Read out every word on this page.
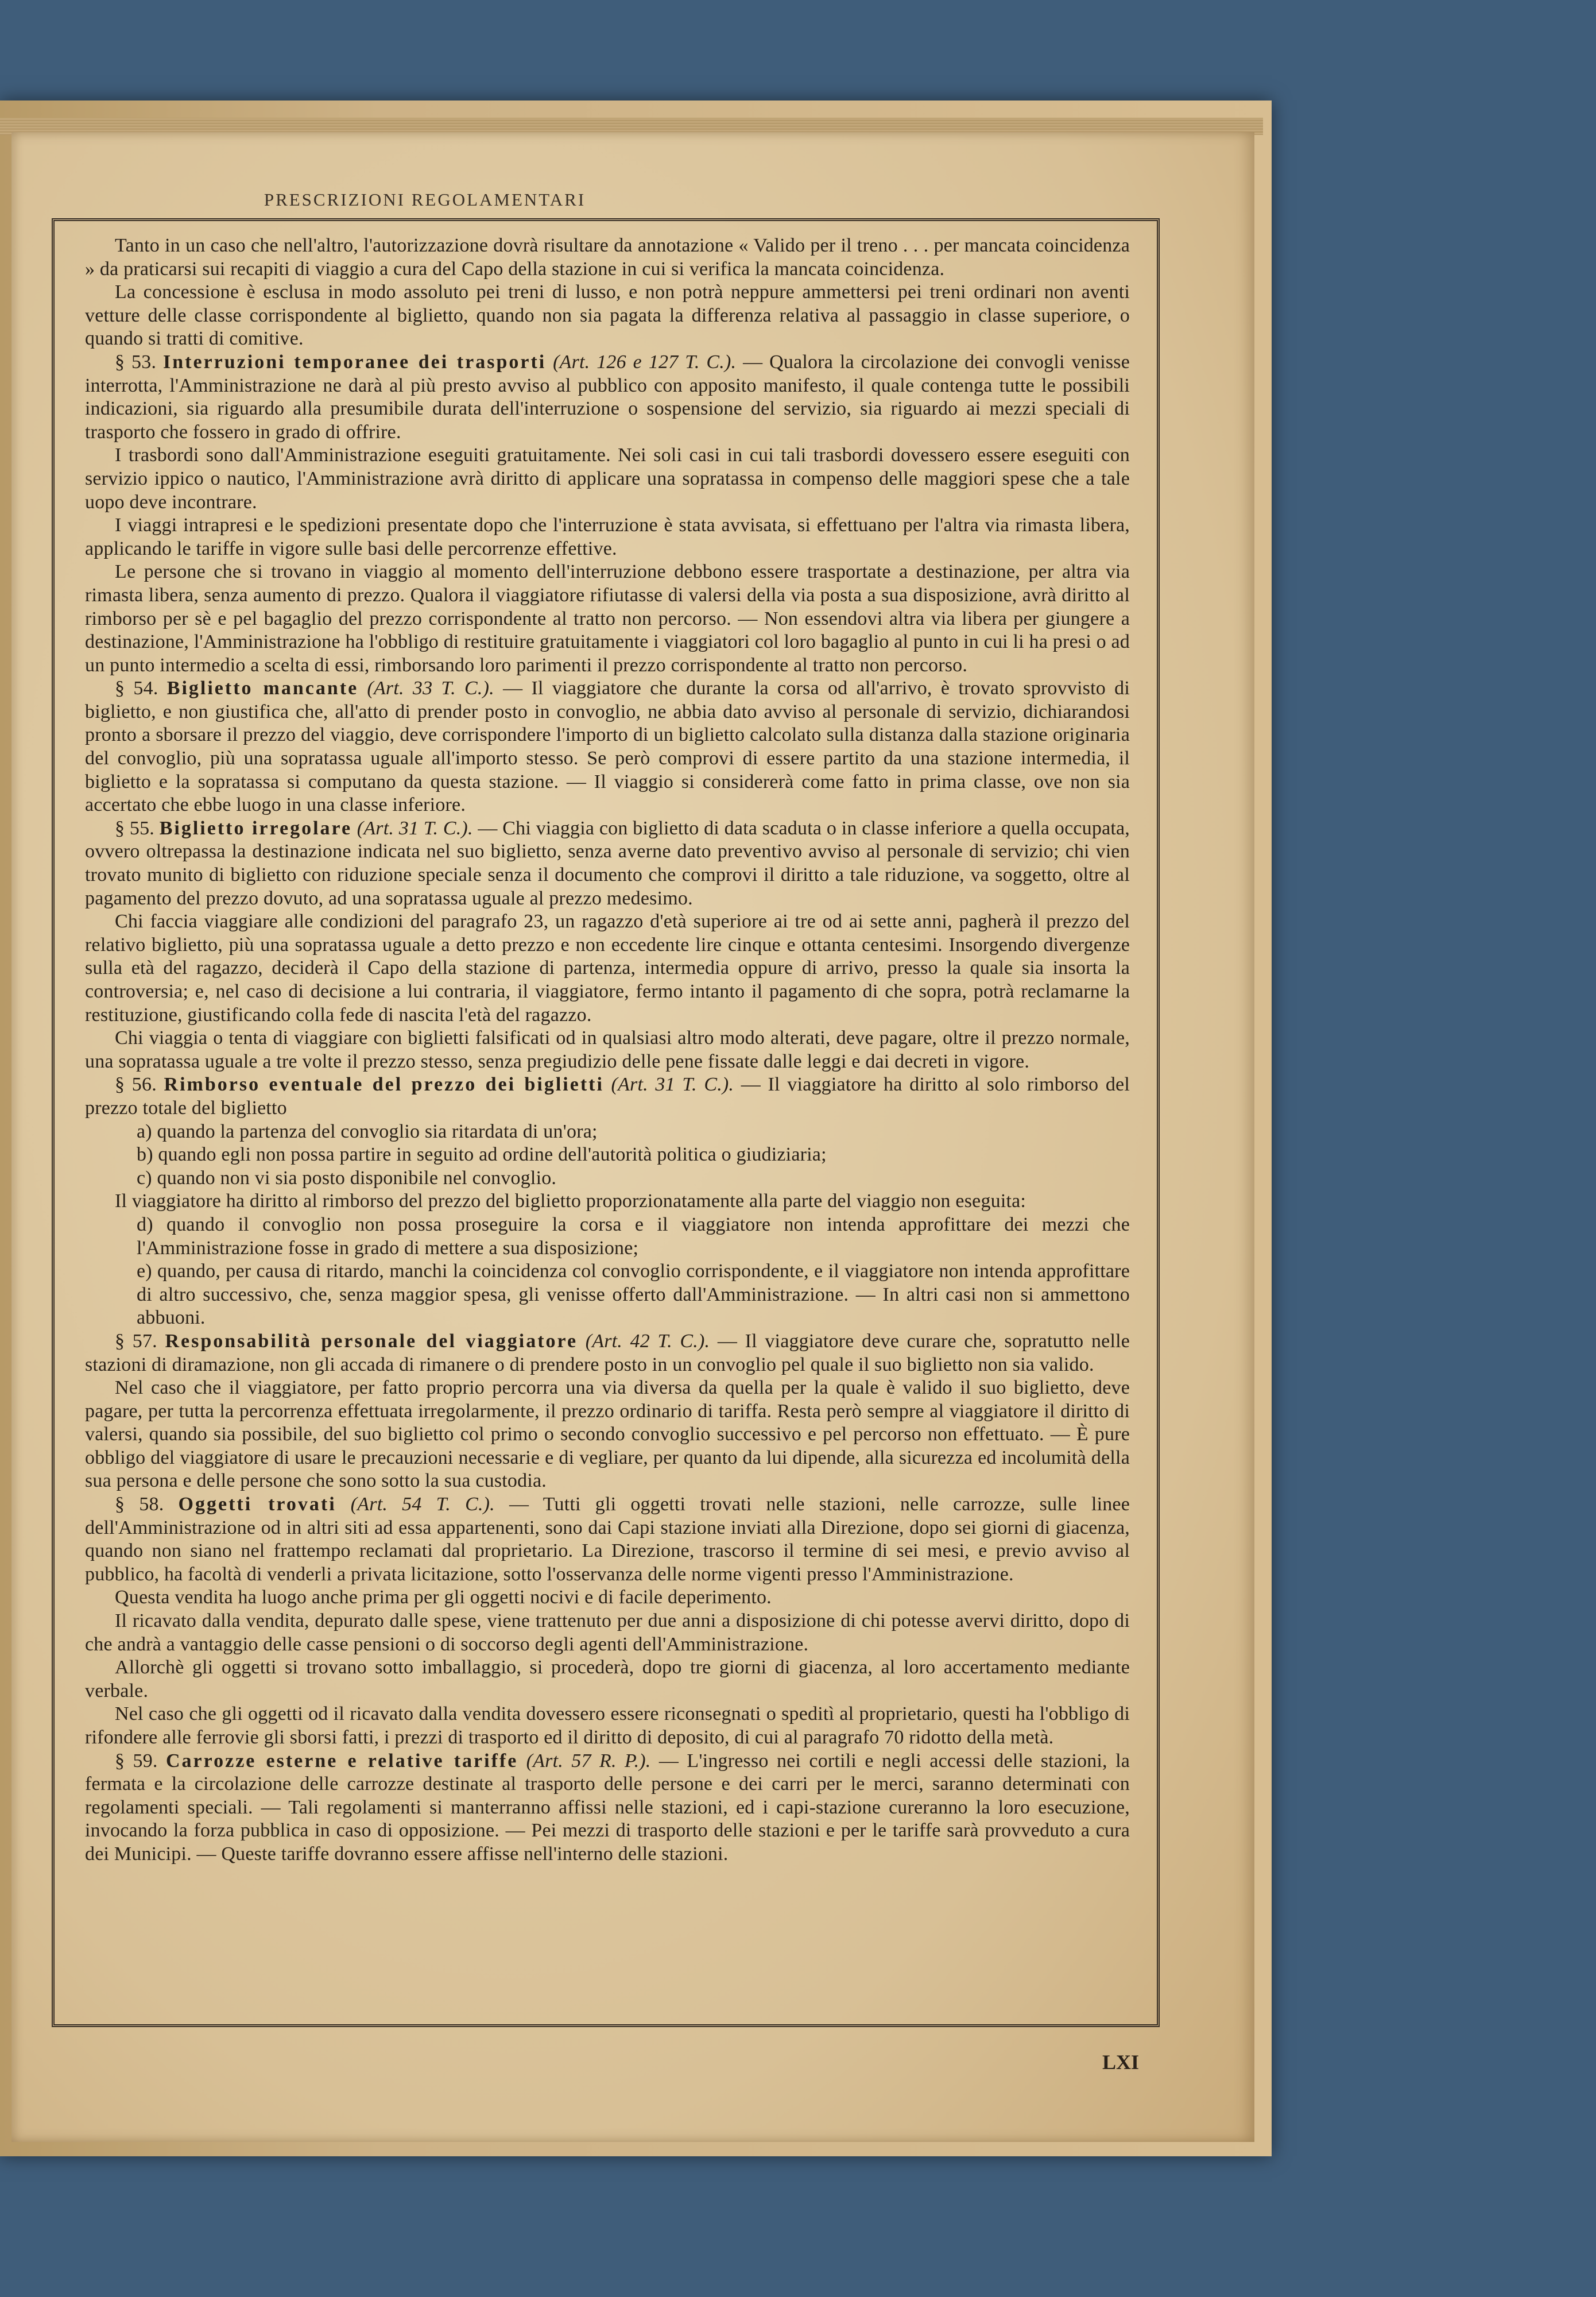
PRESCRIZIONI REGOLAMENTARI

Tanto in un caso che nell'altro, l'autorizzazione dovrà risultare da annotazione « Valido per il treno . . . per mancata coincidenza » da praticarsi sui recapiti di viaggio a cura del Capo della stazione in cui si verifica la mancata coincidenza.

La concessione è esclusa in modo assoluto pei treni di lusso, e non potrà neppure ammettersi pei treni ordinari non aventi vetture delle classe corrispondente al biglietto, quando non sia pagata la differenza relativa al passaggio in classe superiore, o quando si tratti di comitive.

§ 53. Interruzioni temporanee dei trasporti (Art. 126 e 127 T. C.). — Qualora la circolazione dei convogli venisse interrotta, l'Amministrazione ne darà al più presto avviso al pubblico con apposito manifesto, il quale contenga tutte le possibili indicazioni, sia riguardo alla presumibile durata dell'interruzione o sospensione del servizio, sia riguardo ai mezzi speciali di trasporto che fossero in grado di offrire.

I trasbordi sono dall'Amministrazione eseguiti gratuitamente. Nei soli casi in cui tali trasbordi dovessero essere eseguiti con servizio ippico o nautico, l'Amministrazione avrà diritto di applicare una sopratassa in compenso delle maggiori spese che a tale uopo deve incontrare.

I viaggi intrapresi e le spedizioni presentate dopo che l'interruzione è stata avvisata, si effettuano per l'altra via rimasta libera, applicando le tariffe in vigore sulle basi delle percorrenze effettive.

Le persone che si trovano in viaggio al momento dell'interruzione debbono essere trasportate a destinazione, per altra via rimasta libera, senza aumento di prezzo. Qualora il viaggiatore rifiutasse di valersi della via posta a sua disposizione, avrà diritto al rimborso per sè e pel bagaglio del prezzo corrispondente al tratto non percorso. — Non essendovi altra via libera per giungere a destinazione, l'Amministrazione ha l'obbligo di restituire gratuitamente i viaggiatori col loro bagaglio al punto in cui li ha presi o ad un punto intermedio a scelta di essi, rimborsando loro parimenti il prezzo corrispondente al tratto non percorso.

§ 54. Biglietto mancante (Art. 33 T. C.). — Il viaggiatore che durante la corsa od all'arrivo, è trovato sprovvisto di biglietto, e non giustifica che, all'atto di prender posto in convoglio, ne abbia dato avviso al personale di servizio, dichiarandosi pronto a sborsare il prezzo del viaggio, deve corrispondere l'importo di un biglietto calcolato sulla distanza dalla stazione originaria del convoglio, più una sopratassa uguale all'importo stesso. Se però comprovi di essere partito da una stazione intermedia, il biglietto e la sopratassa si computano da questa stazione. — Il viaggio si considererà come fatto in prima classe, ove non sia accertato che ebbe luogo in una classe inferiore.

§ 55. Biglietto irregolare (Art. 31 T. C.). — Chi viaggia con biglietto di data scaduta o in classe inferiore a quella occupata, ovvero oltrepassa la destinazione indicata nel suo biglietto, senza averne dato preventivo avviso al personale di servizio; chi vien trovato munito di biglietto con riduzione speciale senza il documento che comprovi il diritto a tale riduzione, va soggetto, oltre al pagamento del prezzo dovuto, ad una sopratassa uguale al prezzo medesimo.

Chi faccia viaggiare alle condizioni del paragrafo 23, un ragazzo d'età superiore ai tre od ai sette anni, pagherà il prezzo del relativo biglietto, più una sopratassa uguale a detto prezzo e non eccedente lire cinque e ottanta centesimi. Insorgendo divergenze sulla età del ragazzo, deciderà il Capo della stazione di partenza, intermedia oppure di arrivo, presso la quale sia insorta la controversia; e, nel caso di decisione a lui contraria, il viaggiatore, fermo intanto il pagamento di che sopra, potrà reclamarne la restituzione, giustificando colla fede di nascita l'età del ragazzo.

Chi viaggia o tenta di viaggiare con biglietti falsificati od in qualsiasi altro modo alterati, deve pagare, oltre il prezzo normale, una sopratassa uguale a tre volte il prezzo stesso, senza pregiudizio delle pene fissate dalle leggi e dai decreti in vigore.

§ 56. Rimborso eventuale del prezzo dei biglietti (Art. 31 T. C.). — Il viaggiatore ha diritto al solo rimborso del prezzo totale del biglietto

a) quando la partenza del convoglio sia ritardata di un'ora;

b) quando egli non possa partire in seguito ad ordine dell'autorità politica o giudiziaria;

c) quando non vi sia posto disponibile nel convoglio.

Il viaggiatore ha diritto al rimborso del prezzo del biglietto proporzionatamente alla parte del viaggio non eseguita:

d) quando il convoglio non possa proseguire la corsa e il viaggiatore non intenda approfittare dei mezzi che l'Amministrazione fosse in grado di mettere a sua disposizione;

e) quando, per causa di ritardo, manchi la coincidenza col convoglio corrispondente, e il viaggiatore non intenda approfittare di altro successivo, che, senza maggior spesa, gli venisse offerto dall'Amministrazione. — In altri casi non si ammettono abbuoni.

§ 57. Responsabilità personale del viaggiatore (Art. 42 T. C.). — Il viaggiatore deve curare che, sopratutto nelle stazioni di diramazione, non gli accada di rimanere o di prendere posto in un convoglio pel quale il suo biglietto non sia valido.

Nel caso che il viaggiatore, per fatto proprio percorra una via diversa da quella per la quale è valido il suo biglietto, deve pagare, per tutta la percorrenza effettuata irregolarmente, il prezzo ordinario di tariffa. Resta però sempre al viaggiatore il diritto di valersi, quando sia possibile, del suo biglietto col primo o secondo convoglio successivo e pel percorso non effettuato. — È pure obbligo del viaggiatore di usare le precauzioni necessarie e di vegliare, per quanto da lui dipende, alla sicurezza ed incolumità della sua persona e delle persone che sono sotto la sua custodia.

§ 58. Oggetti trovati (Art. 54 T. C.). — Tutti gli oggetti trovati nelle stazioni, nelle carrozze, sulle linee dell'Amministrazione od in altri siti ad essa appartenenti, sono dai Capi stazione inviati alla Direzione, dopo sei giorni di giacenza, quando non siano nel frattempo reclamati dal proprietario. La Direzione, trascorso il termine di sei mesi, e previo avviso al pubblico, ha facoltà di venderli a privata licitazione, sotto l'osservanza delle norme vigenti presso l'Amministrazione.

Questa vendita ha luogo anche prima per gli oggetti nocivi e di facile deperimento.

Il ricavato dalla vendita, depurato dalle spese, viene trattenuto per due anni a disposizione di chi potesse avervi diritto, dopo di che andrà a vantaggio delle casse pensioni o di soccorso degli agenti dell'Amministrazione.

Allorchè gli oggetti si trovano sotto imballaggio, si procederà, dopo tre giorni di giacenza, al loro accertamento mediante verbale.

Nel caso che gli oggetti od il ricavato dalla vendita dovessero essere riconsegnati o speditì al proprietario, questi ha l'obbligo di rifondere alle ferrovie gli sborsi fatti, i prezzi di trasporto ed il diritto di deposito, di cui al paragrafo 70 ridotto della metà.

§ 59. Carrozze esterne e relative tariffe (Art. 57 R. P.). — L'ingresso nei cortili e negli accessi delle stazioni, la fermata e la circolazione delle carrozze destinate al trasporto delle persone e dei carri per le merci, saranno determinati con regolamenti speciali. — Tali regolamenti si manterranno affissi nelle stazioni, ed i capi-stazione cureranno la loro esecuzione, invocando la forza pubblica in caso di opposizione. — Pei mezzi di trasporto delle stazioni e per le tariffe sarà provveduto a cura dei Municipi. — Queste tariffe dovranno essere affisse nell'interno delle stazioni.

LXI
